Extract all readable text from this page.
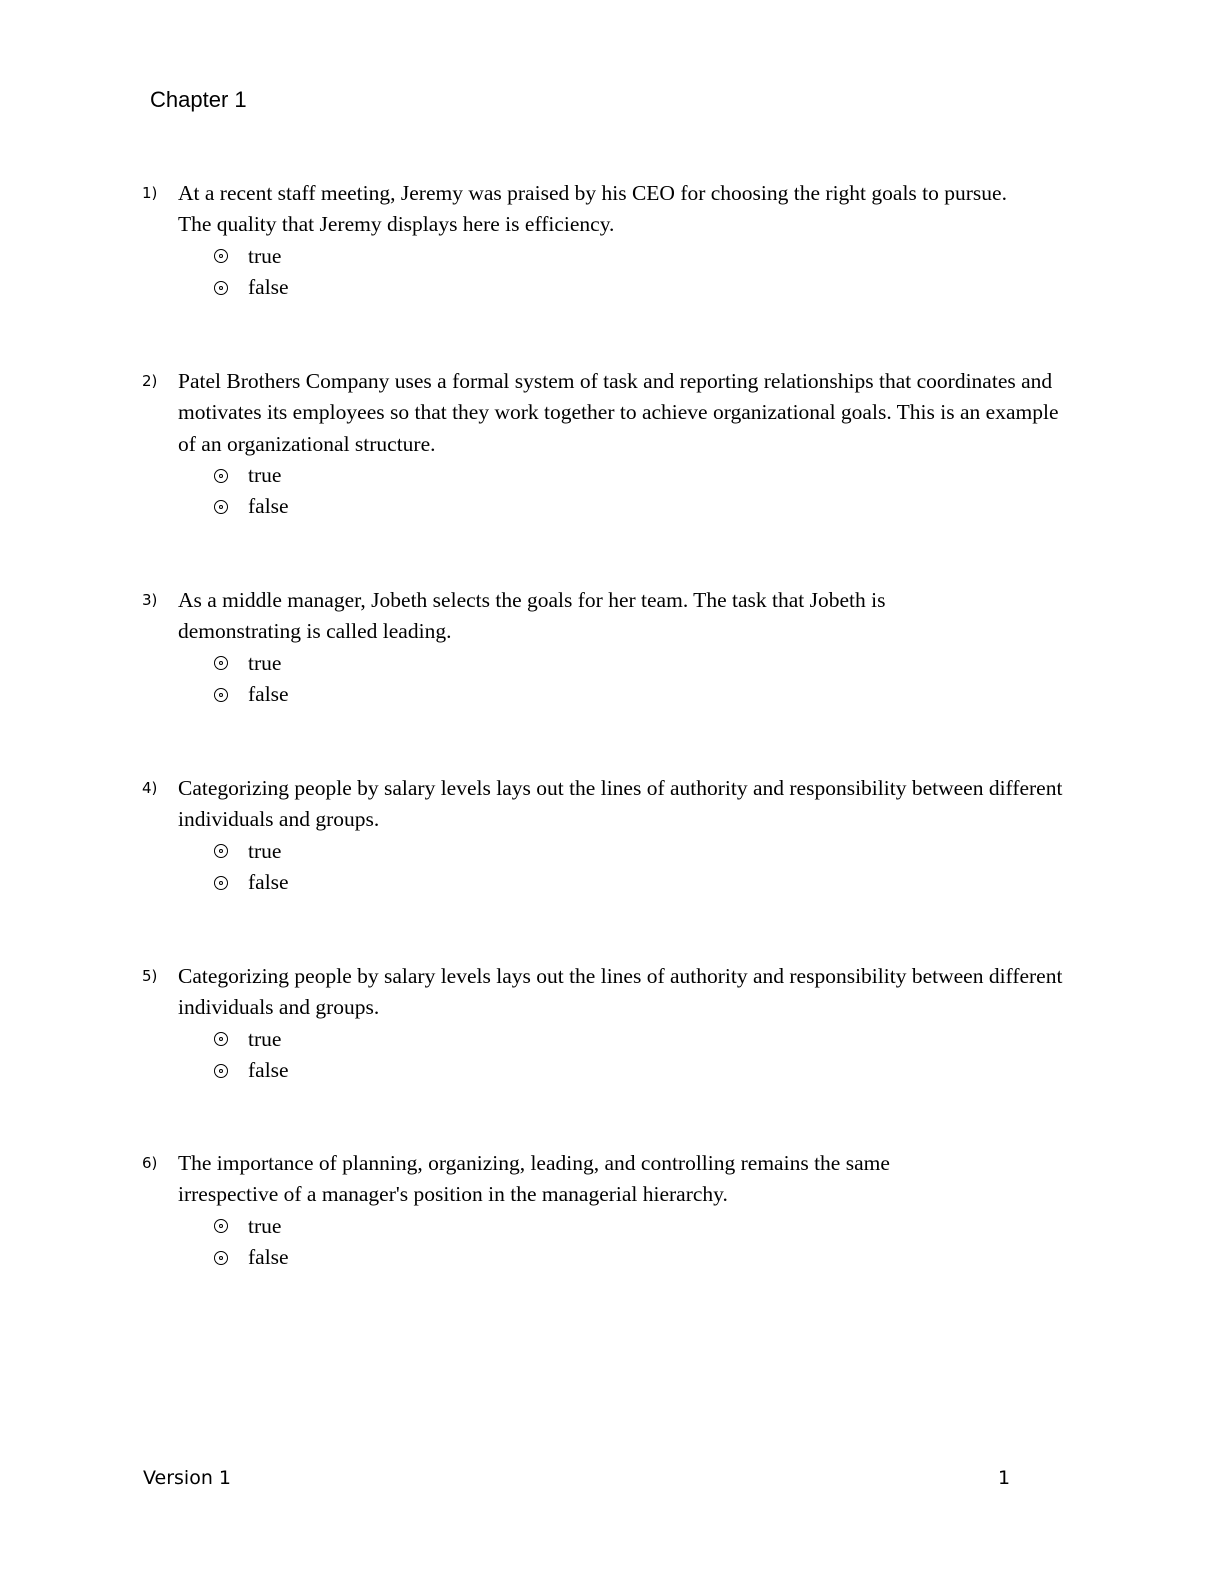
Chapter 1
1) At a recent staff meeting, Jeremy was praised by his CEO for choosing the right goals to pursue. The quality that Jeremy displays here is efficiency.
true
false
2) Patel Brothers Company uses a formal system of task and reporting relationships that coordinates and motivates its employees so that they work together to achieve organizational goals. This is an example of an organizational structure.
true
false
3) As a middle manager, Jobeth selects the goals for her team. The task that Jobeth is demonstrating is called leading.
true
false
4) Categorizing people by salary levels lays out the lines of authority and responsibility between different individuals and groups.
true
false
5) Categorizing people by salary levels lays out the lines of authority and responsibility between different individuals and groups.
true
false
6) The importance of planning, organizing, leading, and controlling remains the same irrespective of a manager's position in the managerial hierarchy.
true
false
Version 1	1
